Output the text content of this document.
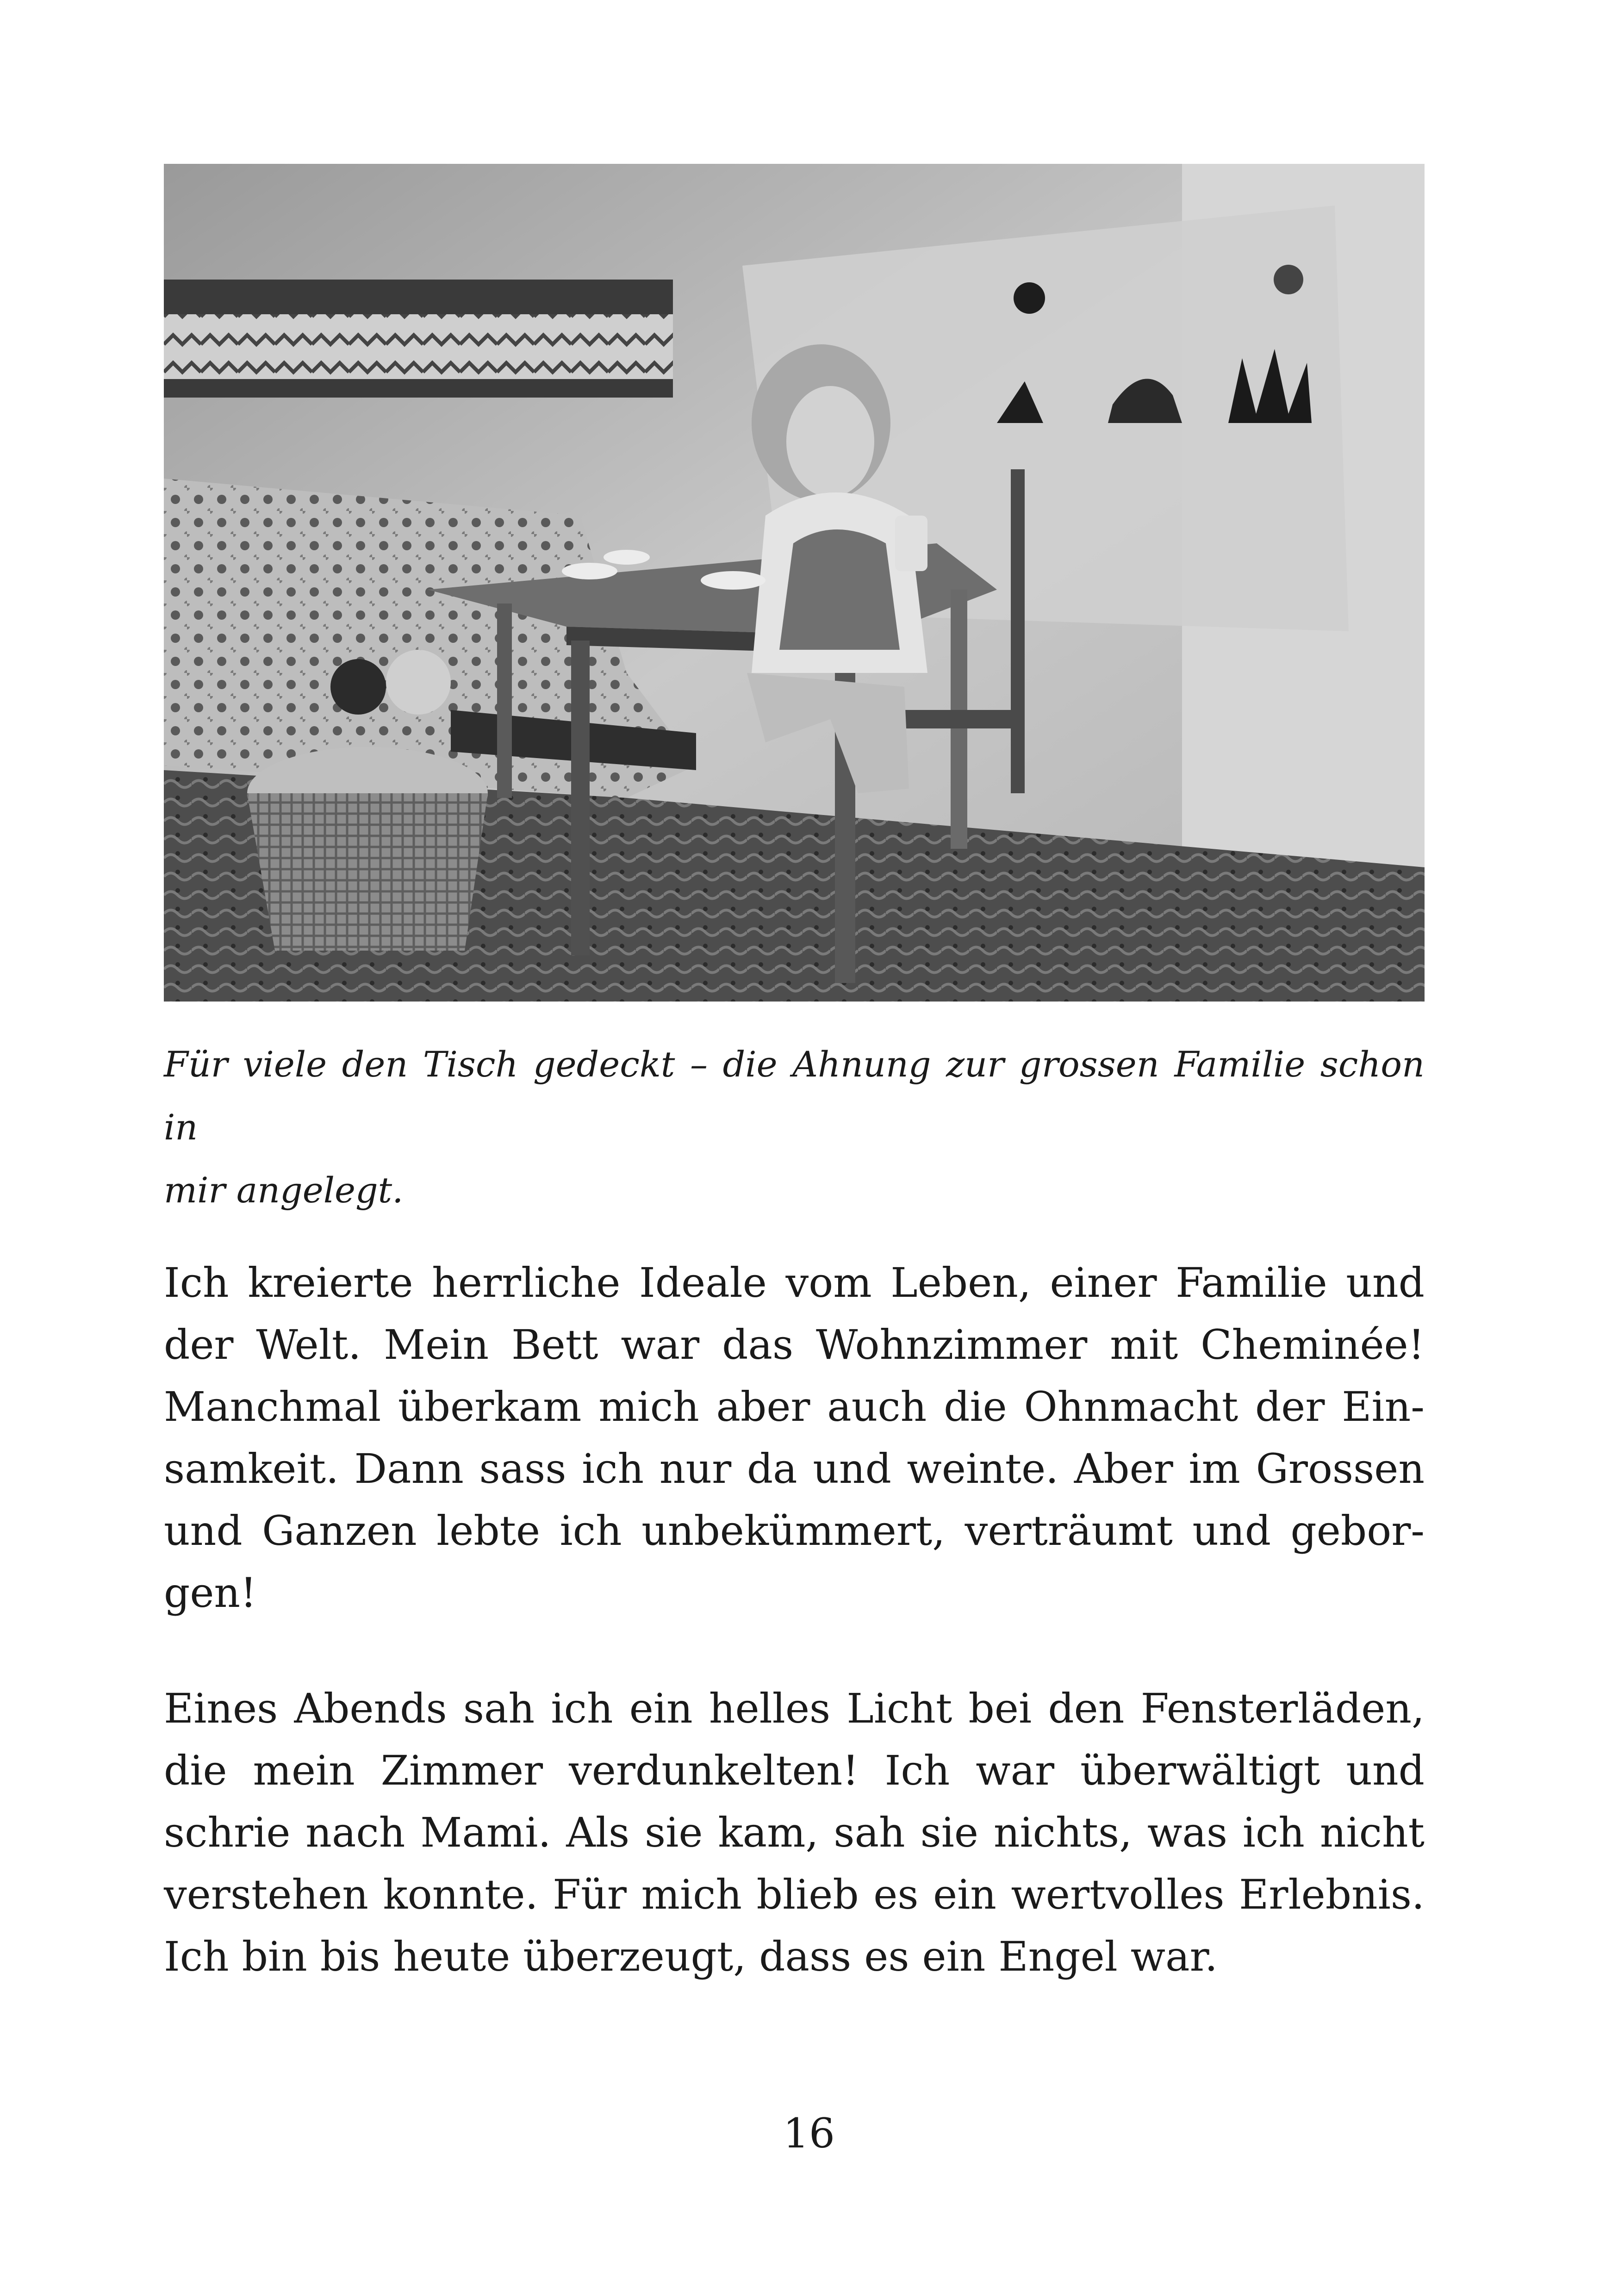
Für viele den Tisch gedeckt – die Ahnung zur grossen Familie schon in
mir angelegt.

Ich kreierte herrliche Ideale vom Leben, einer Familie und
der Welt. Mein Bett war das Wohnzimmer mit Cheminée!
Manchmal überkam mich aber auch die Ohnmacht der Ein-
samkeit. Dann sass ich nur da und weinte. Aber im Grossen
und Ganzen lebte ich unbekümmert, verträumt und gebor-
gen!
Eines Abends sah ich ein helles Licht bei den Fensterläden,
die mein Zimmer verdunkelten! Ich war überwältigt und
schrie nach Mami. Als sie kam, sah sie nichts, was ich nicht
verstehen konnte. Für mich blieb es ein wertvolles Erlebnis.
Ich bin bis heute überzeugt, dass es ein Engel war.
16
